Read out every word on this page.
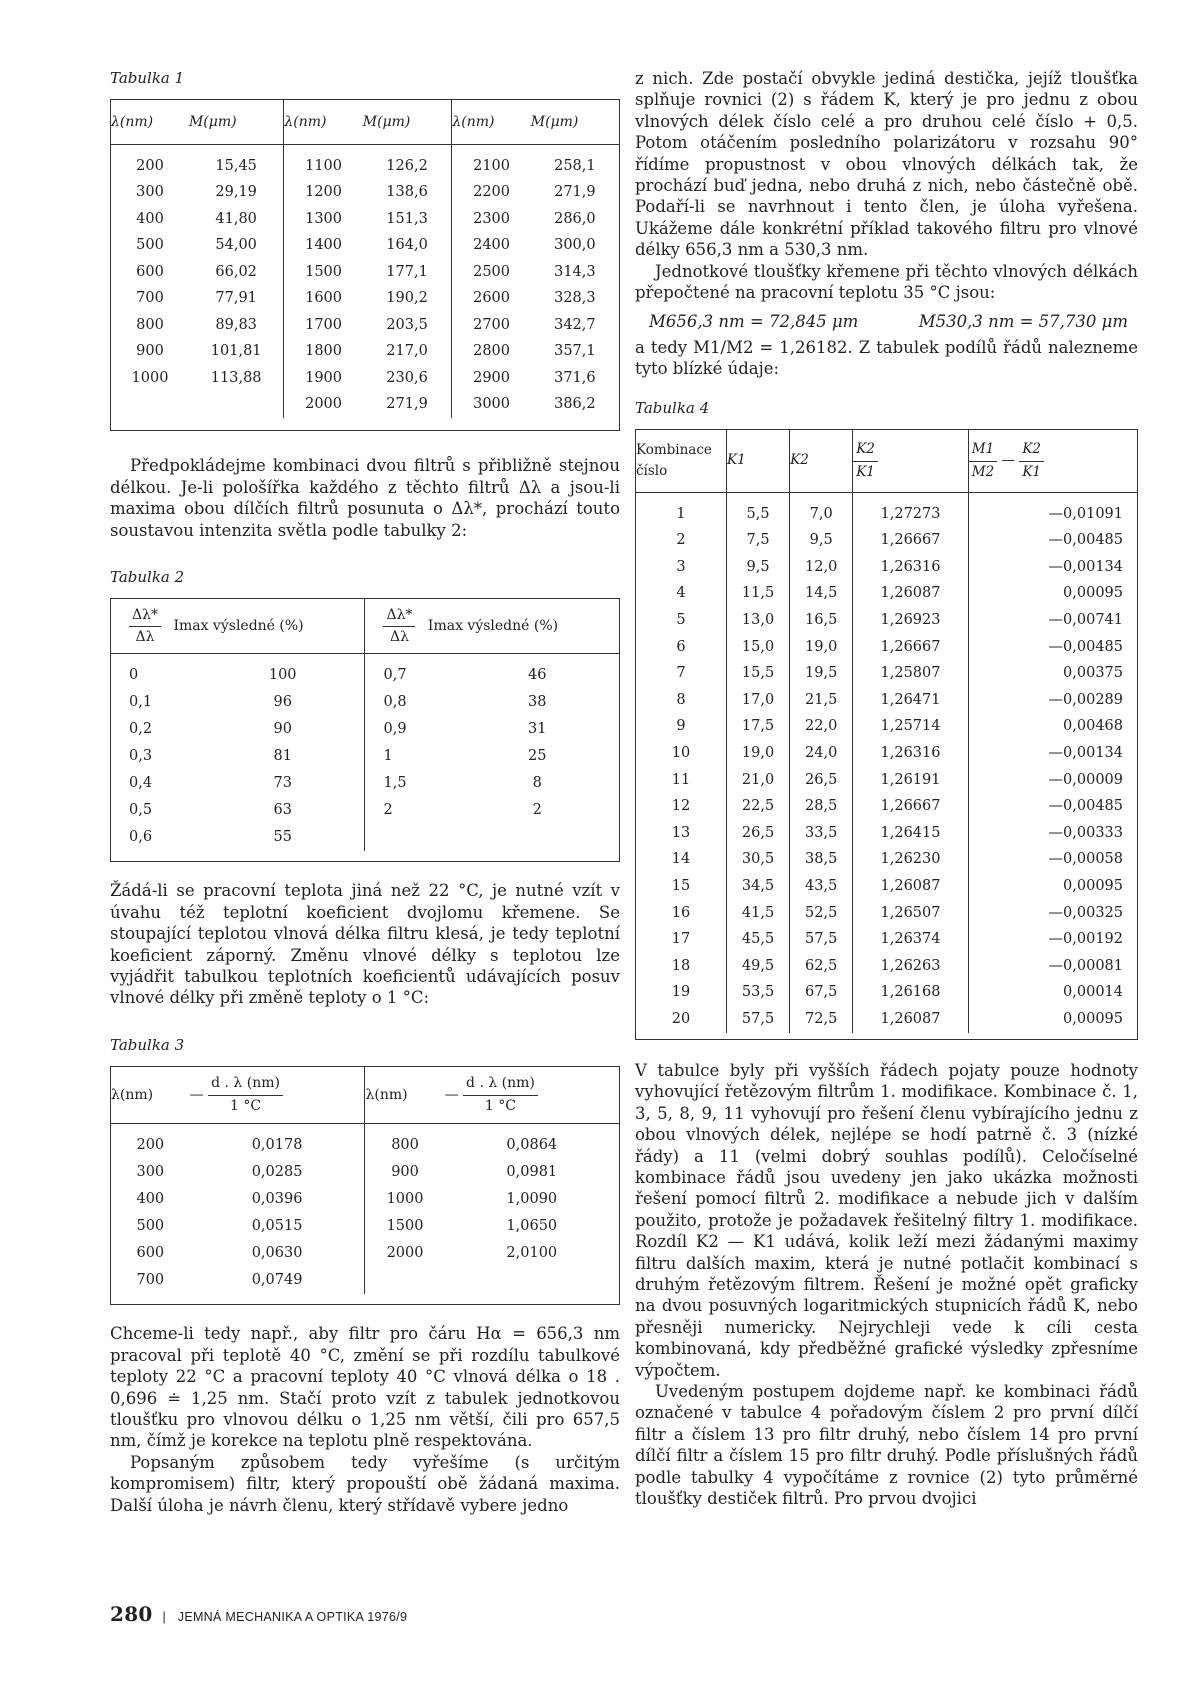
Tabulka 1
λ(nm)	M(μm)	λ(nm)	M(μm)	λ(nm)	M(μm)
200	15,45	1100	126,2	2100	258,1
300	29,19	1200	138,6	2200	271,9
400	41,80	1300	151,3	2300	286,0
500	54,00	1400	164,0	2400	300,0
600	66,02	1500	177,1	2500	314,3
700	77,91	1600	190,2	2600	328,3
800	89,83	1700	203,5	2700	342,7
900	101,81	1800	217,0	2800	357,1
1000	113,88	1900	230,6	2900	371,6
		2000	271,9	3000	386,2

Předpokládejme kombinaci dvou filtrů s přibližně stejnou délkou. Je-li pološířka každého z těchto filtrů Δλ a jsou-li maxima obou dílčích filtrů posunuta o Δλ*, prochází touto soustavou intenzita světla podle tabulky 2:

Tabulka 2
$\frac{\Delta\lambda*}{\Delta\lambda}$ Imax výsledné (%)		$\frac{\Delta\lambda*}{\Delta\lambda}$ Imax výsledné (%)	
0	100	0,7	46
0,1	96	0,8	38
0,2	90	0,9	31
0,3	81	1	25
0,4	73	1,5	8
0,5	63	2	2
0,6	55		

Žádá-li se pracovní teplota jiná než 22 °C, je nutné vzít v úvahu též teplotní koeficient dvojlomu křemene. Se stoupající teplotou vlnová délka filtru klesá, je tedy teplotní koeficient záporný. Změnu vlnové délky s teplotou lze vyjádřit tabulkou teplotních koeficientů udávajících posuv vlnové délky při změně teploty o 1 °C:

Tabulka 3
λ(nm)	— $\frac{d . \lambda (nm)}{1 ^\circ C}$	λ(nm)	— $\frac{d . \lambda (nm)}{1 ^\circ C}$

200	0,0178	800	0,0864
300	0,0285	900	0,0981
400	0,0396	1000	1,0090
500	0,0515	1500	1,0650
600	0,0630	2000	2,0100
700	0,0749		

Chceme-li tedy např., aby filtr pro čáru Hα = 656,3 nm pracoval při teplotě 40 °C, změní se při rozdílu tabulkové teploty 22 °C a pracovní teploty 40 °C vlnová délka o 18 . 0,696 ≐ 1,25 nm. Stačí proto vzít z tabulek jednotkovou tloušťku pro vlnovou délku o 1,25 nm větší, čili pro 657,5 nm, čímž je korekce na teplotu plně respektována.

Popsaným způsobem tedy vyřešíme (s určitým kompromisem) filtr, který propouští obě žádaná maxima. Další úloha je návrh členu, který střídavě vybere jedno

z nich. Zde postačí obvykle jediná destička, jejíž tloušťka splňuje rovnici (2) s řádem K, který je pro jednu z obou vlnových délek číslo celé a pro druhou celé číslo + 0,5. Potom otáčením posledního polarizátoru v rozsahu 90° řídíme propustnost v obou vlnových délkách tak, že prochází buď jedna, nebo druhá z nich, nebo částečně obě. Podaří-li se navrhnout i tento člen, je úloha vyřešena. Ukážeme dále konkrétní příklad takového filtru pro vlnové délky 656,3 nm a 530,3 nm.

Jednotkové tloušťky křemene při těchto vlnových délkách přepočtené na pracovní teplotu 35 °C jsou:

M656,3 nm = 72,845 μm	M530,3 nm = 57,730 μm

a tedy M1/M2 = 1,26182. Z tabulek podílů řádů nalezneme tyto blízké údaje:

Tabulka 4
Kombinace číslo	K1	K2	$\frac{K2}{K1}$	$\frac{M1}{M2}$ — $\frac{K2}{K1}$

1	5,5	7,0	1,27273	—0,01091
2	7,5	9,5	1,26667	—0,00485
3	9,5	12,0	1,26316	—0,00134
4	11,5	14,5	1,26087	0,00095
5	13,0	16,5	1,26923	—0,00741
6	15,0	19,0	1,26667	—0,00485
7	15,5	19,5	1,25807	0,00375
8	17,0	21,5	1,26471	—0,00289
9	17,5	22,0	1,25714	0,00468
10	19,0	24,0	1,26316	—0,00134
11	21,0	26,5	1,26191	—0,00009
12	22,5	28,5	1,26667	—0,00485
13	26,5	33,5	1,26415	—0,00333
14	30,5	38,5	1,26230	—0,00058
15	34,5	43,5	1,26087	0,00095
16	41,5	52,5	1,26507	—0,00325
17	45,5	57,5	1,26374	—0,00192
18	49,5	62,5	1,26263	—0,00081
19	53,5	67,5	1,26168	0,00014
20	57,5	72,5	1,26087	0,00095

V tabulce byly při vyšších řádech pojaty pouze hodnoty vyhovující řetězovým filtrům 1. modifikace. Kombinace č. 1, 3, 5, 8, 9, 11 vyhovují pro řešení členu vybírajícího jednu z obou vlnových délek, nejlépe se hodí patrně č. 3 (nízké řády) a 11 (velmi dobrý souhlas podílů). Celočíselné kombinace řádů jsou uvedeny jen jako ukázka možnosti řešení pomocí filtrů 2. modifikace a nebude jich v dalším použito, protože je požadavek řešitelný filtry 1. modifikace. Rozdíl K2 — K1 udává, kolik leží mezi žádanými maximy filtru dalších maxim, která je nutné potlačit kombinací s druhým řetězovým filtrem. Řešení je možné opět graficky na dvou posuvných logaritmických stupnicích řádů K, nebo přesněji numericky. Nejrychleji vede k cíli cesta kombinovaná, kdy předběžné grafické výsledky zpřesníme výpočtem.

Uvedeným postupem dojdeme např. ke kombinaci řádů označené v tabulce 4 pořadovým číslem 2 pro první dílčí filtr a číslem 13 pro filtr druhý, nebo číslem 14 pro první dílčí filtr a číslem 15 pro filtr druhý. Podle příslušných řádů podle tabulky 4 vypočítáme z rovnice (2) tyto průměrné tloušťky destiček filtrů. Pro prvou dvojici

280 | JEMNÁ MECHANIKA A OPTIKA 1976/9
